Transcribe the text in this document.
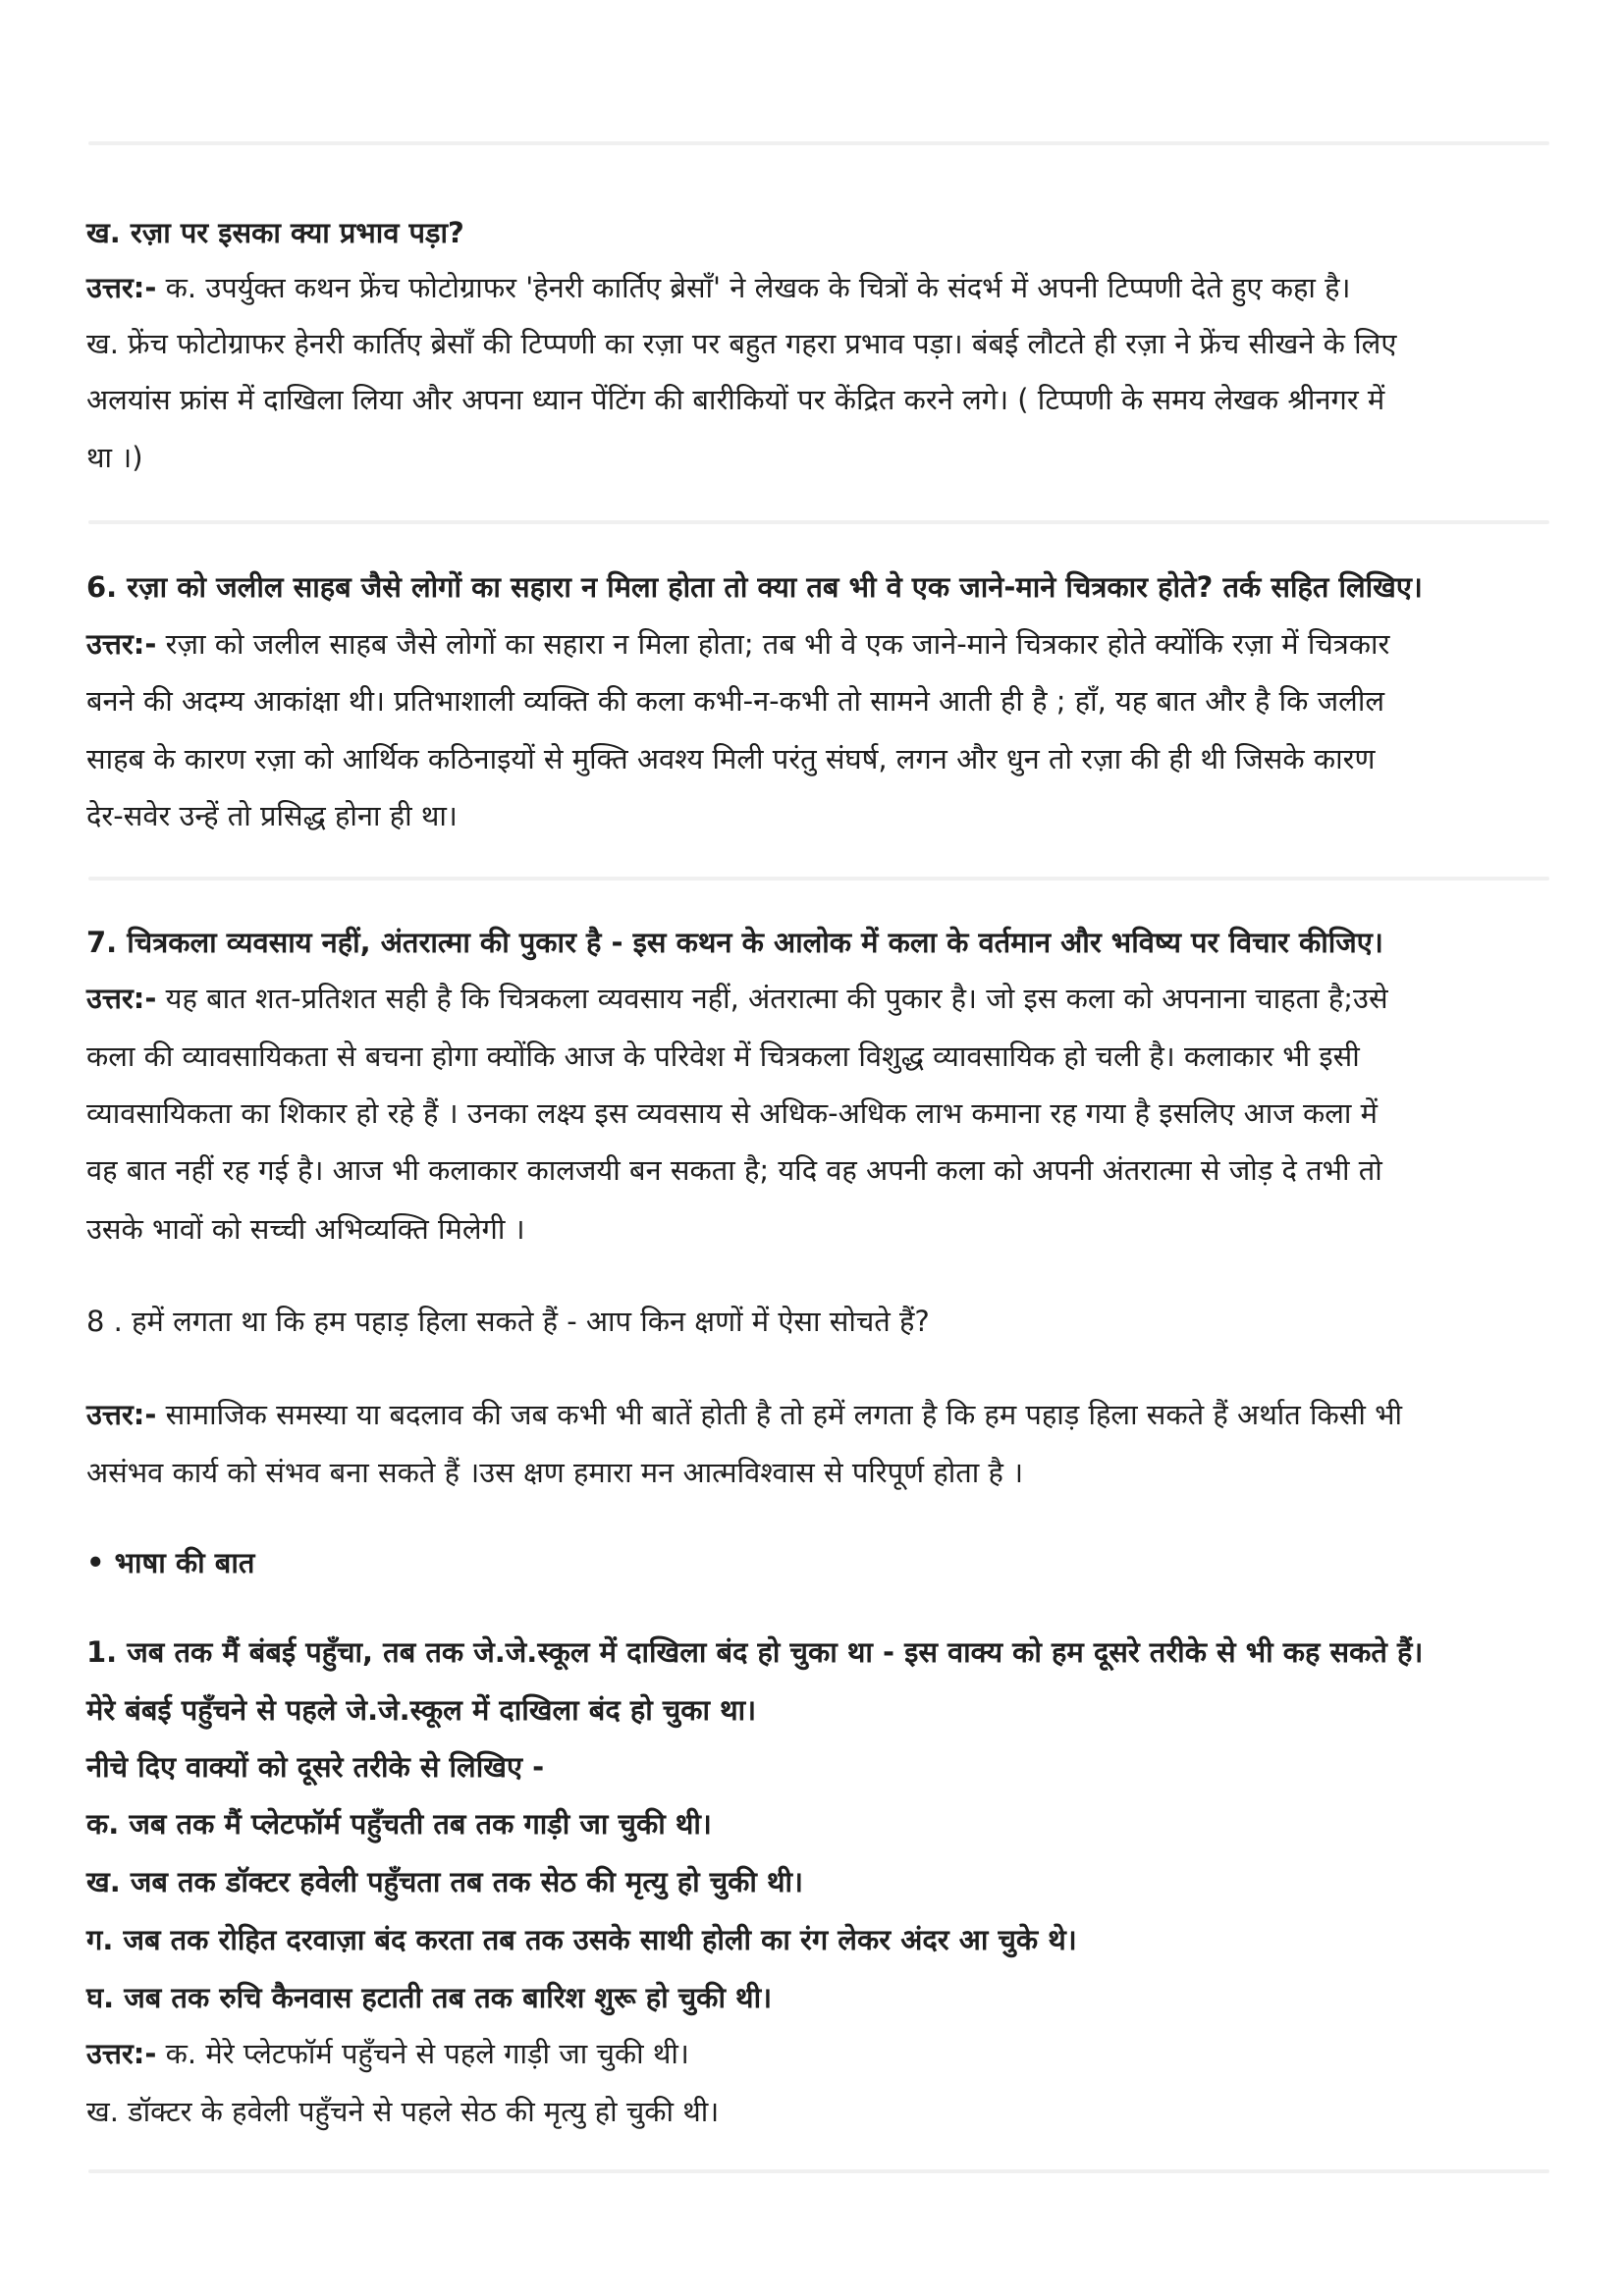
ख. रज़ा पर इसका क्या प्रभाव पड़ा?
उत्तर:- क. उपर्युक्त कथन फ्रेंच फोटोग्राफर 'हेनरी कार्तिए ब्रेसाँ' ने लेखक के चित्रों के संदर्भ में अपनी टिप्पणी देते हुए कहा है।
ख. फ्रेंच फोटोग्राफर हेनरी कार्तिए ब्रेसाँ की टिप्पणी का रज़ा पर बहुत गहरा प्रभाव पड़ा। बंबई लौटते ही रज़ा ने फ्रेंच सीखने के लिए
अलयांस फ्रांस में दाखिला लिया और अपना ध्यान पेंटिंग की बारीकियों पर केंद्रित करने लगे। ( टिप्पणी के समय लेखक श्रीनगर में
था ।)
6. रज़ा को जलील साहब जैसे लोगों का सहारा न मिला होता तो क्या तब भी वे एक जाने-माने चित्रकार होते? तर्क सहित लिखिए।
उत्तर:- रज़ा को जलील साहब जैसे लोगों का सहारा न मिला होता; तब भी वे एक जाने-माने चित्रकार होते क्योंकि रज़ा में चित्रकार
बनने की अदम्य आकांक्षा थी। प्रतिभाशाली व्यक्ति की कला कभी-न-कभी तो सामने आती ही है ; हाँ, यह बात और है कि जलील
साहब के कारण रज़ा को आर्थिक कठिनाइयों से मुक्ति अवश्य मिली परंतु संघर्ष, लगन और धुन तो रज़ा की ही थी जिसके कारण
देर-सवेर उन्हें तो प्रसिद्ध होना ही था।
7. चित्रकला व्यवसाय नहीं, अंतरात्मा की पुकार है - इस कथन के आलोक में कला के वर्तमान और भविष्य पर विचार कीजिए।
उत्तर:- यह बात शत-प्रतिशत सही है कि चित्रकला व्यवसाय नहीं, अंतरात्मा की पुकार है। जो इस कला को अपनाना चाहता है;उसे
कला की व्यावसायिकता से बचना होगा क्योंकि आज के परिवेश में चित्रकला विशुद्ध व्यावसायिक हो चली है। कलाकार भी इसी
व्यावसायिकता का शिकार हो रहे हैं । उनका लक्ष्य इस व्यवसाय से अधिक-अधिक लाभ कमाना रह गया है इसलिए आज कला में
वह बात नहीं रह गई है। आज भी कलाकार कालजयी बन सकता है; यदि वह अपनी कला को अपनी अंतरात्मा से जोड़ दे तभी तो
उसके भावों को सच्ची अभिव्यक्ति मिलेगी ।
8 . हमें लगता था कि हम पहाड़ हिला सकते हैं - आप किन क्षणों में ऐसा सोचते हैं?
उत्तर:- सामाजिक समस्या या बदलाव की जब कभी भी बातें होती है तो हमें लगता है कि हम पहाड़ हिला सकते हैं अर्थात किसी भी
असंभव कार्य को संभव बना सकते हैं ।उस क्षण हमारा मन आत्मविश्वास से परिपूर्ण होता है ।
• भाषा की बात
1. जब तक मैं बंबई पहुँचा, तब तक जे.जे.स्कूल में दाखिला बंद हो चुका था - इस वाक्य को हम दूसरे तरीके से भी कह सकते हैं।
मेरे बंबई पहुँचने से पहले जे.जे.स्कूल में दाखिला बंद हो चुका था।
नीचे दिए वाक्यों को दूसरे तरीके से लिखिए -
क. जब तक मैं प्लेटफॉर्म पहुँचती तब तक गाड़ी जा चुकी थी।
ख. जब तक डॉक्टर हवेली पहुँचता तब तक सेठ की मृत्यु हो चुकी थी।
ग. जब तक रोहित दरवाज़ा बंद करता तब तक उसके साथी होली का रंग लेकर अंदर आ चुके थे।
घ. जब तक रुचि कैनवास हटाती तब तक बारिश शुरू हो चुकी थी।
उत्तर:- क. मेरे प्लेटफॉर्म पहुँचने से पहले गाड़ी जा चुकी थी।
ख. डॉक्टर के हवेली पहुँचने से पहले सेठ की मृत्यु हो चुकी थी।
